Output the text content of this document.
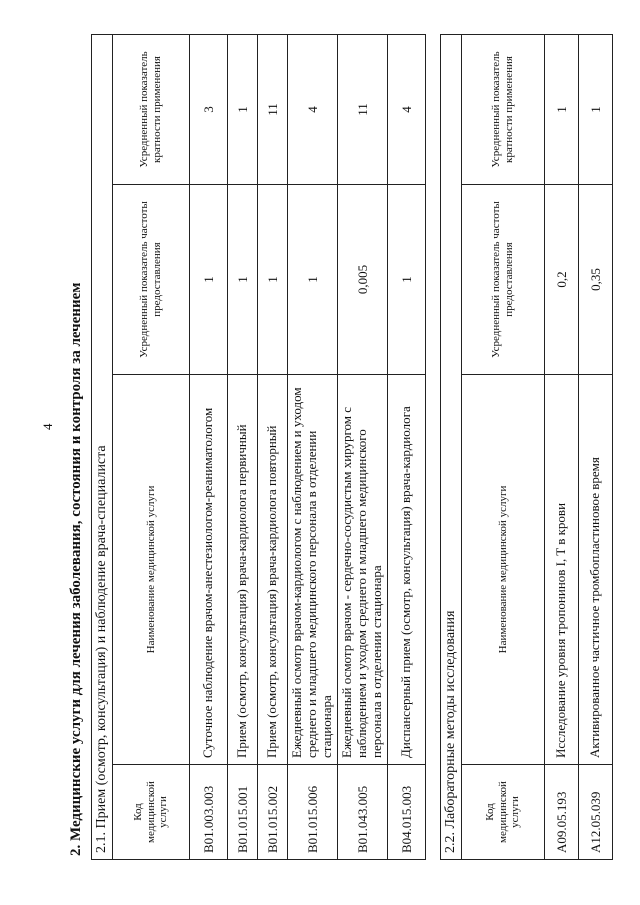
4 2. Медицинские услуги для лечения заболевания, состояния и контроля за лечением 2.1. Прием (осмотр, консультация) и наблюдение врача-специалиста			
Код медицинской услуги	Наименование медицинской услуги	Усредненный показатель частоты предоставления	Усредненный показатель кратности применения
B01.003.003	Суточное наблюдение врачом-анестезиологом-реаниматологом	1	3
B01.015.001	Прием (осмотр, консультация) врача-кардиолога первичный	1	1
B01.015.002	Прием (осмотр, консультация) врача-кардиолога повторный	1	11
B01.015.006	Ежедневный осмотр врачом-кардиологом с наблюдением и уходом среднего и младшего медицинского персонала в отделении стационара	1	4
B01.043.005	Ежедневный осмотр врачом - сердечно-сосудистым хирургом с наблюдением и уходом среднего и младшего медицинского персонала в отделении стационара	0,005	11
B04.015.003	Диспансерный прием (осмотр, консультация) врача-кардиолога	1	4
2.2. Лабораторные методы исследования			
Код медицинской услуги	Наименование медицинской услуги	Усредненный показатель частоты предоставления	Усредненный показатель кратности применения
A09.05.193	Исследование уровня тропонинов I, T в крови	0,2	1
A12.05.039	Активированное частичное тромбопластиновое время	0,35	1
